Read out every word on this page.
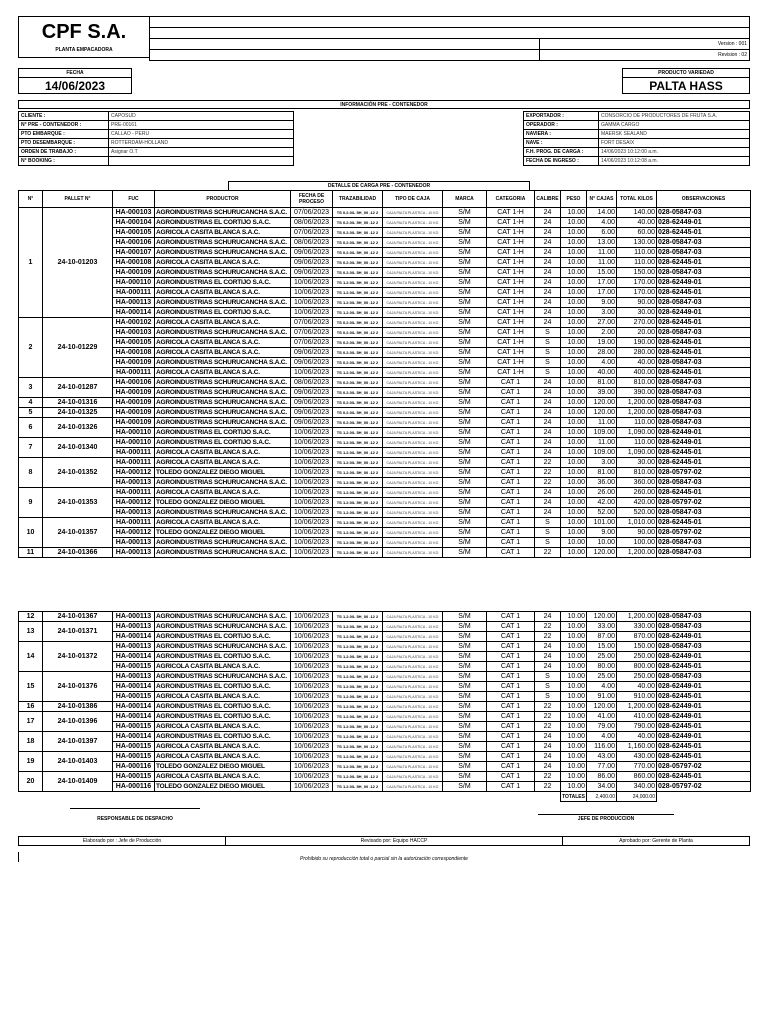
CPF S.A.
PLANTA EMPACADORA

	Version : 001
	Revision : 02
FECHA
14/06/2023
PRODUCTO VARIEDAD
PALTA HASS
INFORMACIÓN PRE - CONTENEDOR
CLIENTE :	CAPOSUD		EXPORTADOR :	CONSORCIO DE PRODUCTORES DE FRUTA S.A.
N° PRE - CONTENEDOR :	PRE-00161		OPERADOR :	GAMMA CARGO
PTO EMBARQUE :	CALLAO - PERU		NAVIERA :	MAERSK SEALAND
PTO DESEMBARQUE :	ROTTERDAM-HOLLAND		NAVE :	FORT DESAIX
ORDEN DE TRABAJO :	Asignar O.T		F.H. PROG. DE CARGA :	14/06/2023 10:12:00 a.m.
N° BOOKING :			FECHA DE INGRESO :	14/06/2023 10:12:08 a.m.
DETALLE DE CARGA PRE - CONTENEDOR
N°	PALLET N°	FUC	PRODUCTOR	FECHA DE PROCESO	TRAZABILIDAD	TIPO DE CAJA	MARCA	CATEGORIA	CALIBRE	PESO	N° CAJAS	TOTAL KILOS	OBSERVACIONES
1	24-10-01203	HA-000103	AGROINDUSTRIAS SCHURUCANCHA S.A.C.	07/06/2023	TS 0.2.0/L 5H_00 .12 2	CAJA PALTA PLASTICA - 10 KG	S/M	CAT 1-H	24	10.00	14.00	140.00	028-05847-03
		HA-000104	AGROINDUSTRIAS EL CORTIJO S.A.C.	08/06/2023	TS 0.2.0/L 5H_00 .12 2	CAJA PALTA PLASTICA - 10 KG	S/M	CAT 1-H	24	10.00	4.00	40.00	028-62449-01
		HA-000105	AGRICOLA CASITA BLANCA S.A.C.	07/06/2023	TS 0.2.0/L 5H_00 .12 2	CAJA PALTA PLASTICA - 10 KG	S/M	CAT 1-H	24	10.00	6.00	60.00	028-62445-01
		HA-000106	AGROINDUSTRIAS SCHURUCANCHA S.A.C.	08/06/2023	TS 0.2.0/L 5H_00 .12 2	CAJA PALTA PLASTICA - 10 KG	S/M	CAT 1-H	24	10.00	13.00	130.00	028-05847-03
		HA-000107	AGROINDUSTRIAS SCHURUCANCHA S.A.C.	09/06/2023	TS 0.2.0/L 5H_00 .12 2	CAJA PALTA PLASTICA - 10 KG	S/M	CAT 1-H	24	10.00	11.00	110.00	028-05847-03
		HA-000108	AGRICOLA CASITA BLANCA S.A.C.	09/06/2023	TS 0.2.0/L 5H_00 .12 2	CAJA PALTA PLASTICA - 10 KG	S/M	CAT 1-H	24	10.00	11.00	110.00	028-62445-01
		HA-000109	AGROINDUSTRIAS SCHURUCANCHA S.A.C.	09/06/2023	TS 0.2.0/L 5H_00 .12 2	CAJA PALTA PLASTICA - 10 KG	S/M	CAT 1-H	24	10.00	15.00	150.00	028-05847-03
		HA-000110	AGROINDUSTRIAS EL CORTIJO S.A.C.	10/06/2023	TS 1.2.0/L 5H_00 .12 2	CAJA PALTA PLASTICA - 10 KG	S/M	CAT 1-H	24	10.00	17.00	170.00	028-62449-01
		HA-000111	AGRICOLA CASITA BLANCA S.A.C.	10/06/2023	TS 1.2.0/L 5H_00 .12 2	CAJA PALTA PLASTICA - 10 KG	S/M	CAT 1-H	24	10.00	17.00	170.00	028-62445-01
		HA-000113	AGROINDUSTRIAS SCHURUCANCHA S.A.C.	10/06/2023	TS 1.2.0/L 5H_00 .12 2	CAJA PALTA PLASTICA - 10 KG	S/M	CAT 1-H	24	10.00	9.00	90.00	028-05847-03
		HA-000114	AGROINDUSTRIAS EL CORTIJO S.A.C.	10/06/2023	TS 1.2.0/L 5H_00 .12 2	CAJA PALTA PLASTICA - 10 KG	S/M	CAT 1-H	24	10.00	3.00	30.00	028-62449-01
2	24-10-01229	HA-000102	AGRICOLA CASITA BLANCA S.A.C.	07/06/2023	TS 0.2.0/L 5H_00 .12 2	CAJA PALTA PLASTICA - 10 KG	S/M	CAT 1-H	24	10.00	27.00	270.00	028-62445-01
		HA-000103	AGROINDUSTRIAS SCHURUCANCHA S.A.C.	07/06/2023	TS 0.2.0/L 5H_00 .12 2	CAJA PALTA PLASTICA - 10 KG	S/M	CAT 1-H	S	10.00	2.00	20.00	028-05847-03
		HA-000105	AGRICOLA CASITA BLANCA S.A.C.	07/06/2023	TS 0.2.0/L 5H_00 .12 2	CAJA PALTA PLASTICA - 10 KG	S/M	CAT 1-H	S	10.00	19.00	190.00	028-62445-01
		HA-000108	AGRICOLA CASITA BLANCA S.A.C.	09/06/2023	TS 0.2.0/L 5H_00 .12 2	CAJA PALTA PLASTICA - 10 KG	S/M	CAT 1-H	S	10.00	28.00	280.00	028-62445-01
		HA-000109	AGROINDUSTRIAS SCHURUCANCHA S.A.C.	09/06/2023	TS 0.2.0/L 5H_00 .12 2	CAJA PALTA PLASTICA - 10 KG	S/M	CAT 1-H	S	10.00	4.00	40.00	028-05847-03
		HA-000111	AGRICOLA CASITA BLANCA S.A.C.	10/06/2023	TS 1.2.0/L 5H_00 .12 2	CAJA PALTA PLASTICA - 10 KG	S/M	CAT 1-H	S	10.00	40.00	400.00	028-62445-01
3	24-10-01287	HA-000106	AGROINDUSTRIAS SCHURUCANCHA S.A.C.	08/06/2023	TS 0.2.0/L 5H_00 .12 2	CAJA PALTA PLASTICA - 10 KG	S/M	CAT 1	24	10.00	81.00	810.00	028-05847-03
		HA-000109	AGROINDUSTRIAS SCHURUCANCHA S.A.C.	09/06/2023	TS 0.2.0/L 5H_00 .12 2	CAJA PALTA PLASTICA - 10 KG	S/M	CAT 1	24	10.00	39.00	390.00	028-05847-03
4	24-10-01316	HA-000109	AGROINDUSTRIAS SCHURUCANCHA S.A.C.	09/06/2023	TS 0.2.0/L 5H_00 .12 2	CAJA PALTA PLASTICA - 10 KG	S/M	CAT 1	24	10.00	120.00	1,200.00	028-05847-03
5	24-10-01325	HA-000109	AGROINDUSTRIAS SCHURUCANCHA S.A.C.	09/06/2023	TS 0.2.0/L 5H_00 .12 2	CAJA PALTA PLASTICA - 10 KG	S/M	CAT 1	24	10.00	120.00	1,200.00	028-05847-03
6	24-10-01326	HA-000109	AGROINDUSTRIAS SCHURUCANCHA S.A.C.	09/06/2023	TS 0.2.0/L 5H_00 .12 2	CAJA PALTA PLASTICA - 10 KG	S/M	CAT 1	24	10.00	11.00	110.00	028-05847-03
		HA-000110	AGROINDUSTRIAS EL CORTIJO S.A.C.	10/06/2023	TS 1.2.0/L 5H_00 .12 2	CAJA PALTA PLASTICA - 10 KG	S/M	CAT 1	24	10.00	109.00	1,090.00	028-62449-01
7	24-10-01340	HA-000110	AGROINDUSTRIAS EL CORTIJO S.A.C.	10/06/2023	TS 1.2.0/L 5H_00 .12 2	CAJA PALTA PLASTICA - 10 KG	S/M	CAT 1	24	10.00	11.00	110.00	028-62449-01
		HA-000111	AGRICOLA CASITA BLANCA S.A.C.	10/06/2023	TS 1.2.0/L 5H_00 .12 2	CAJA PALTA PLASTICA - 10 KG	S/M	CAT 1	24	10.00	109.00	1,090.00	028-62445-01
8	24-10-01352	HA-000111	AGRICOLA CASITA BLANCA S.A.C.	10/06/2023	TS 1.2.0/L 5H_00 .12 2	CAJA PALTA PLASTICA - 10 KG	S/M	CAT 1	22	10.00	3.00	30.00	028-62445-01
		HA-000112	TOLEDO GONZALEZ DIEGO MIGUEL	10/06/2023	TS 1.2.0/L 5H_00 .12 2	CAJA PALTA PLASTICA - 10 KG	S/M	CAT 1	22	10.00	81.00	810.00	028-05797-02
		HA-000113	AGROINDUSTRIAS SCHURUCANCHA S.A.C.	10/06/2023	TS 1.2.0/L 5H_00 .12 2	CAJA PALTA PLASTICA - 10 KG	S/M	CAT 1	22	10.00	36.00	360.00	028-05847-03
9	24-10-01353	HA-000111	AGRICOLA CASITA BLANCA S.A.C.	10/06/2023	TS 1.2.0/L 5H_00 .12 2	CAJA PALTA PLASTICA - 10 KG	S/M	CAT 1	24	10.00	26.00	260.00	028-62445-01
		HA-000112	TOLEDO GONZALEZ DIEGO MIGUEL	10/06/2023	TS 1.2.0/L 5H_00 .12 2	CAJA PALTA PLASTICA - 10 KG	S/M	CAT 1	24	10.00	42.00	420.00	028-05797-02
		HA-000113	AGROINDUSTRIAS SCHURUCANCHA S.A.C.	10/06/2023	TS 1.2.0/L 5H_00 .12 2	CAJA PALTA PLASTICA - 10 KG	S/M	CAT 1	24	10.00	52.00	520.00	028-05847-03
10	24-10-01357	HA-000111	AGRICOLA CASITA BLANCA S.A.C.	10/06/2023	TS 1.2.0/L 5H_00 .12 2	CAJA PALTA PLASTICA - 10 KG	S/M	CAT 1	S	10.00	101.00	1,010.00	028-62445-01
		HA-000112	TOLEDO GONZALEZ DIEGO MIGUEL	10/06/2023	TS 1.2.0/L 5H_00 .12 2	CAJA PALTA PLASTICA - 10 KG	S/M	CAT 1	S	10.00	9.00	90.00	028-05797-02
		HA-000113	AGROINDUSTRIAS SCHURUCANCHA S.A.C.	10/06/2023	TS 1.2.0/L 5H_00 .12 2	CAJA PALTA PLASTICA - 10 KG	S/M	CAT 1	S	10.00	10.00	100.00	028-05847-03
11	24-10-01366	HA-000113	AGROINDUSTRIAS SCHURUCANCHA S.A.C.	10/06/2023	TS 1.2.0/L 5H_00 .12 2	CAJA PALTA PLASTICA - 10 KG	S/M	CAT 1	22	10.00	120.00	1,200.00	028-05847-03
12	24-10-01367	HA-000113	AGROINDUSTRIAS SCHURUCANCHA S.A.C.	10/06/2023	TS 1.2.0/L 5H_00 .12 2	CAJA PALTA PLASTICA - 10 KG	S/M	CAT 1	24	10.00	120.00	1,200.00	028-05847-03
13	24-10-01371	HA-000113	AGROINDUSTRIAS SCHURUCANCHA S.A.C.	10/06/2023	TS 1.2.0/L 5H_00 .12 2	CAJA PALTA PLASTICA - 10 KG	S/M	CAT 1	22	10.00	33.00	330.00	028-05847-03
		HA-000114	AGROINDUSTRIAS EL CORTIJO S.A.C.	10/06/2023	TS 1.2.0/L 5H_00 .12 2	CAJA PALTA PLASTICA - 10 KG	S/M	CAT 1	22	10.00	87.00	870.00	028-62449-01
14	24-10-01372	HA-000113	AGROINDUSTRIAS SCHURUCANCHA S.A.C.	10/06/2023	TS 1.2.0/L 5H_00 .12 2	CAJA PALTA PLASTICA - 10 KG	S/M	CAT 1	24	10.00	15.00	150.00	028-05847-03
		HA-000114	AGROINDUSTRIAS EL CORTIJO S.A.C.	10/06/2023	TS 1.2.0/L 5H_00 .12 2	CAJA PALTA PLASTICA - 10 KG	S/M	CAT 1	24	10.00	25.00	250.00	028-62449-01
		HA-000115	AGRICOLA CASITA BLANCA S.A.C.	10/06/2023	TS 1.2.0/L 5H_00 .12 2	CAJA PALTA PLASTICA - 10 KG	S/M	CAT 1	24	10.00	80.00	800.00	028-62445-01
15	24-10-01376	HA-000113	AGROINDUSTRIAS SCHURUCANCHA S.A.C.	10/06/2023	TS 1.2.0/L 5H_00 .12 2	CAJA PALTA PLASTICA - 10 KG	S/M	CAT 1	S	10.00	25.00	250.00	028-05847-03
		HA-000114	AGROINDUSTRIAS EL CORTIJO S.A.C.	10/06/2023	TS 1.2.0/L 5H_00 .12 2	CAJA PALTA PLASTICA - 10 KG	S/M	CAT 1	S	10.00	4.00	40.00	028-62449-01
		HA-000115	AGRICOLA CASITA BLANCA S.A.C.	10/06/2023	TS 1.2.0/L 5H_00 .12 2	CAJA PALTA PLASTICA - 10 KG	S/M	CAT 1	S	10.00	91.00	910.00	028-62445-01
16	24-10-01386	HA-000114	AGROINDUSTRIAS EL CORTIJO S.A.C.	10/06/2023	TS 1.2.0/L 5H_00 .12 2	CAJA PALTA PLASTICA - 10 KG	S/M	CAT 1	22	10.00	120.00	1,200.00	028-62449-01
17	24-10-01396	HA-000114	AGROINDUSTRIAS EL CORTIJO S.A.C.	10/06/2023	TS 1.2.0/L 5H_00 .12 2	CAJA PALTA PLASTICA - 10 KG	S/M	CAT 1	22	10.00	41.00	410.00	028-62449-01
		HA-000115	AGRICOLA CASITA BLANCA S.A.C.	10/06/2023	TS 1.2.0/L 5H_00 .12 2	CAJA PALTA PLASTICA - 10 KG	S/M	CAT 1	22	10.00	79.00	790.00	028-62445-01
18	24-10-01397	HA-000114	AGROINDUSTRIAS EL CORTIJO S.A.C.	10/06/2023	TS 1.2.0/L 5H_00 .12 2	CAJA PALTA PLASTICA - 10 KG	S/M	CAT 1	24	10.00	4.00	40.00	028-62449-01
		HA-000115	AGRICOLA CASITA BLANCA S.A.C.	10/06/2023	TS 1.2.0/L 5H_00 .12 2	CAJA PALTA PLASTICA - 10 KG	S/M	CAT 1	24	10.00	116.00	1,160.00	028-62445-01
19	24-10-01403	HA-000115	AGRICOLA CASITA BLANCA S.A.C.	10/06/2023	TS 1.2.0/L 5H_00 .12 2	CAJA PALTA PLASTICA - 10 KG	S/M	CAT 1	24	10.00	43.00	430.00	028-62445-01
		HA-000116	TOLEDO GONZALEZ DIEGO MIGUEL	10/06/2023	TS 1.2.0/L 5H_00 .12 2	CAJA PALTA PLASTICA - 10 KG	S/M	CAT 1	24	10.00	77.00	770.00	028-05797-02
20	24-10-01409	HA-000115	AGRICOLA CASITA BLANCA S.A.C.	10/06/2023	TS 1.2.0/L 5H_00 .12 2	CAJA PALTA PLASTICA - 10 KG	S/M	CAT 1	22	10.00	86.00	860.00	028-62445-01
		HA-000116	TOLEDO GONZALEZ DIEGO MIGUEL	10/06/2023	TS 1.2.0/L 5H_00 .12 2	CAJA PALTA PLASTICA - 10 KG	S/M	CAT 1	22	10.00	34.00	340.00	028-05797-02
										TOTALES	2,400.00	24,000.00	
RESPONSABLE DE DESPACHO	JEFE DE PRODUCCION
Elaborado por : Jefe de Producción	Revisado por: Equipo HACCP	Aprobado por: Gerente de Planta
Prohibido su reproducción total o parcial sin la autorización correspondiente
